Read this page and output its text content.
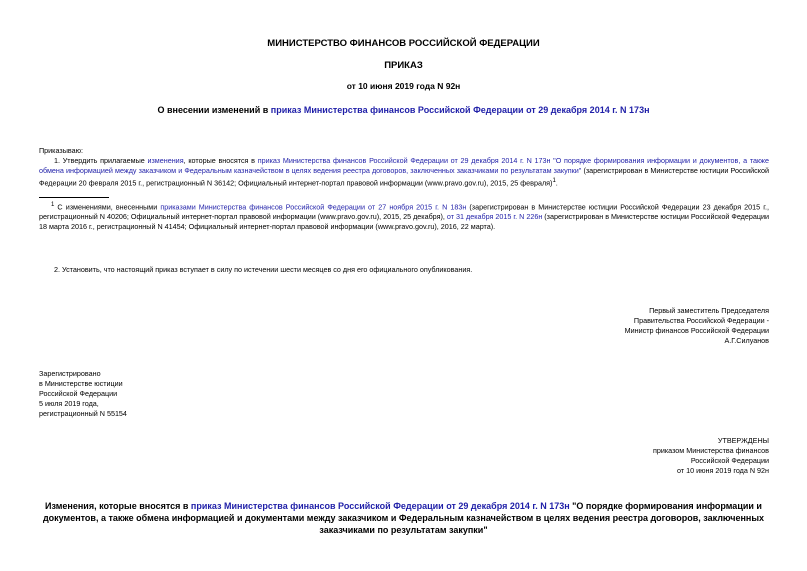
МИНИСТЕРСТВО ФИНАНСОВ РОССИЙСКОЙ ФЕДЕРАЦИИ
ПРИКАЗ
от 10 июня 2019 года N 92н
О внесении изменений в приказ Министерства финансов Российской Федерации от 29 декабря 2014 г. N 173н
Приказываю:
1. Утвердить прилагаемые изменения, которые вносятся в приказ Министерства финансов Российской Федерации от 29 декабря 2014 г. N 173н "О порядке формирования информации и документов, а также обмена информацией между заказчиком и Федеральным казначейством в целях ведения реестра договоров, заключенных заказчиками по результатам закупки" (зарегистрирован в Министерстве юстиции Российской Федерации 20 февраля 2015 г., регистрационный N 36142; Официальный интернет-портал правовой информации (www.pravo.gov.ru), 2015, 25 февраля)$^1$.
$^1$ С изменениями, внесенными приказами Министерства финансов Российской Федерации от 27 ноября 2015 г. N 183н (зарегистрирован в Министерстве юстиции Российской Федерации 23 декабря 2015 г., регистрационный N 40206; Официальный интернет-портал правовой информации (www.pravo.gov.ru), 2015, 25 декабря), от 31 декабря 2015 г. N 226н (зарегистрирован в Министерстве юстиции Российской Федерации 18 марта 2016 г., регистрационный N 41454; Официальный интернет-портал правовой информации (www.pravo.gov.ru), 2016, 22 марта).
2. Установить, что настоящий приказ вступает в силу по истечении шести месяцев со дня его официального опубликования.
Первый заместитель Председателя
Правительства Российской Федерации -
Министр финансов Российской Федерации
А.Г.Силуанов
Зарегистрировано
в Министерстве юстиции
Российской Федерации
5 июля 2019 года,
регистрационный N 55154
УТВЕРЖДЕНЫ
приказом Министерства финансов
Российской Федерации
от 10 июня 2019 года N 92н
Изменения, которые вносятся в приказ Министерства финансов Российской Федерации от 29 декабря 2014 г. N 173н "О порядке формирования информации и документов, а также обмена информацией и документами между заказчиком и Федеральным казначейством в целях ведения реестра договоров, заключенных заказчиками по результатам закупки"
